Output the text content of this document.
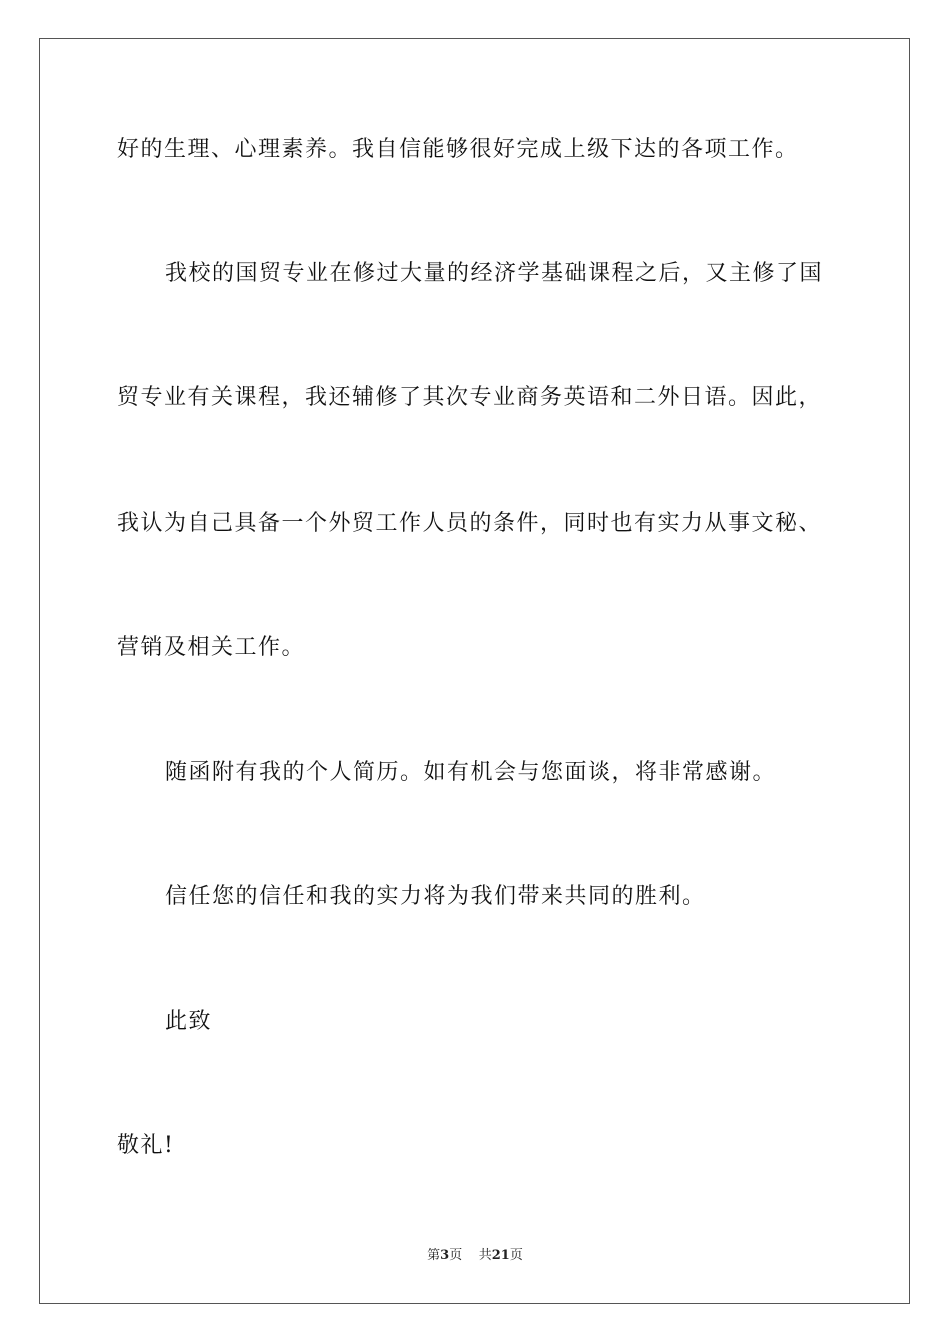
好的生理、心理素养。我自信能够很好完成上级下达的各项工作。

我校的国贸专业在修过大量的经济学基础课程之后，又主修了国

贸专业有关课程，我还辅修了其次专业商务英语和二外日语。因此，

我认为自己具备一个外贸工作人员的条件，同时也有实力从事文秘、

营销及相关工作。

随函附有我的个人简历。如有机会与您面谈，将非常感谢。

信任您的信任和我的实力将为我们带来共同的胜利。

此致

敬礼!

第3页 共21页
